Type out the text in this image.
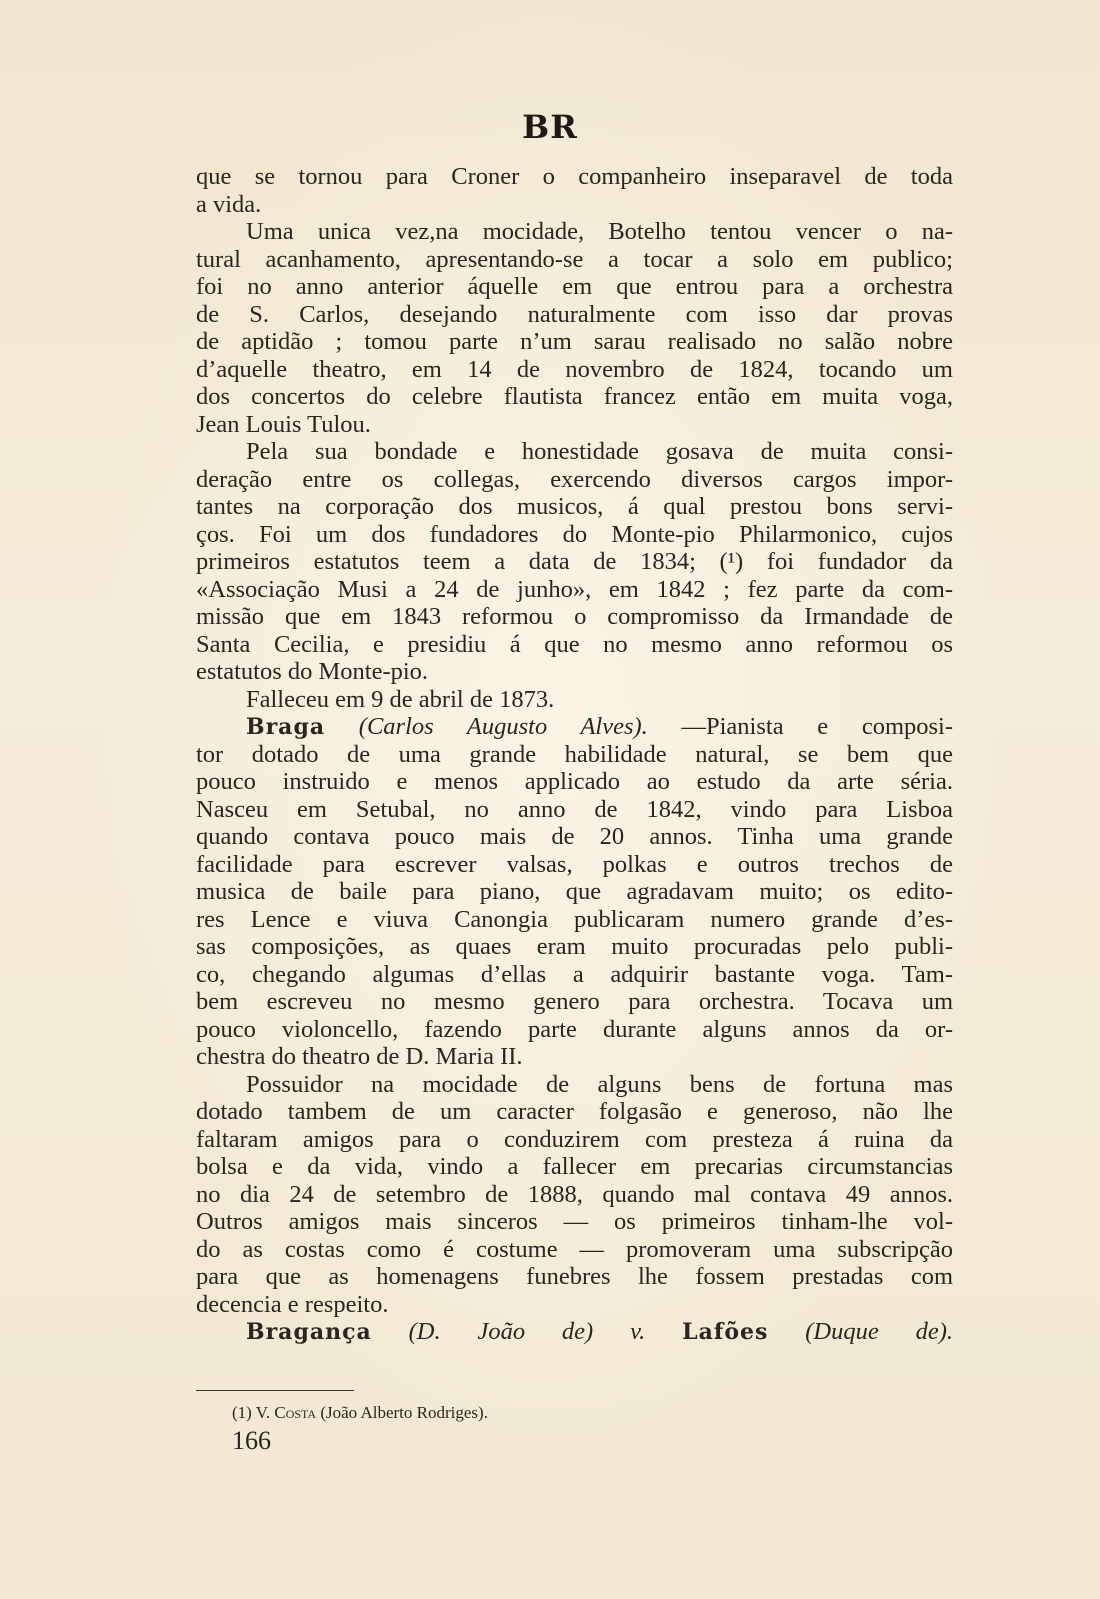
BR
que se tornou para Croner o companheiro inseparavel de toda
a vida.
Uma unica vez,na mocidade, Botelho tentou vencer o na-
tural acanhamento, apresentando-se a tocar a solo em publico;
foi no anno anterior áquelle em que entrou para a orchestra
de S. Carlos, desejando naturalmente com isso dar provas
de aptidão ; tomou parte n’um sarau realisado no salão nobre
d’aquelle theatro, em 14 de novembro de 1824, tocando um
dos concertos do celebre flautista francez então em muita voga,
Jean Louis Tulou.
Pela sua bondade e honestidade gosava de muita consi-
deração entre os collegas, exercendo diversos cargos impor-
tantes na corporação dos musicos, á qual prestou bons servi-
ços. Foi um dos fundadores do Monte-pio Philarmonico, cujos
primeiros estatutos teem a data de 1834; (¹) foi fundador da
«Associação Musi a 24 de junho», em 1842 ; fez parte da com-
missão que em 1843 reformou o compromisso da Irmandade de
Santa Cecilia, e presidiu á que no mesmo anno reformou os
estatutos do Monte-pio.
Falleceu em 9 de abril de 1873.
Braga (Carlos Augusto Alves). —Pianista e composi-
tor dotado de uma grande habilidade natural, se bem que
pouco instruido e menos applicado ao estudo da arte séria.
Nasceu em Setubal, no anno de 1842, vindo para Lisboa
quando contava pouco mais de 20 annos. Tinha uma grande
facilidade para escrever valsas, polkas e outros trechos de
musica de baile para piano, que agradavam muito; os edito-
res Lence e viuva Canongia publicaram numero grande d’es-
sas composições, as quaes eram muito procuradas pelo publi-
co, chegando algumas d’ellas a adquirir bastante voga. Tam-
bem escreveu no mesmo genero para orchestra. Tocava um
pouco violoncello, fazendo parte durante alguns annos da or-
chestra do theatro de D. Maria II.
Possuidor na mocidade de alguns bens de fortuna mas
dotado tambem de um caracter folgasão e generoso, não lhe
faltaram amigos para o conduzirem com presteza á ruina da
bolsa e da vida, vindo a fallecer em precarias circumstancias
no dia 24 de setembro de 1888, quando mal contava 49 annos.
Outros amigos mais sinceros — os primeiros tinham-lhe vol-
do as costas como é costume — promoveram uma subscripção
para que as homenagens funebres lhe fossem prestadas com
decencia e respeito.
Bragança (D. João de) v. Lafões (Duque de).
(1) V. Costa (João Alberto Rodriges).
166
